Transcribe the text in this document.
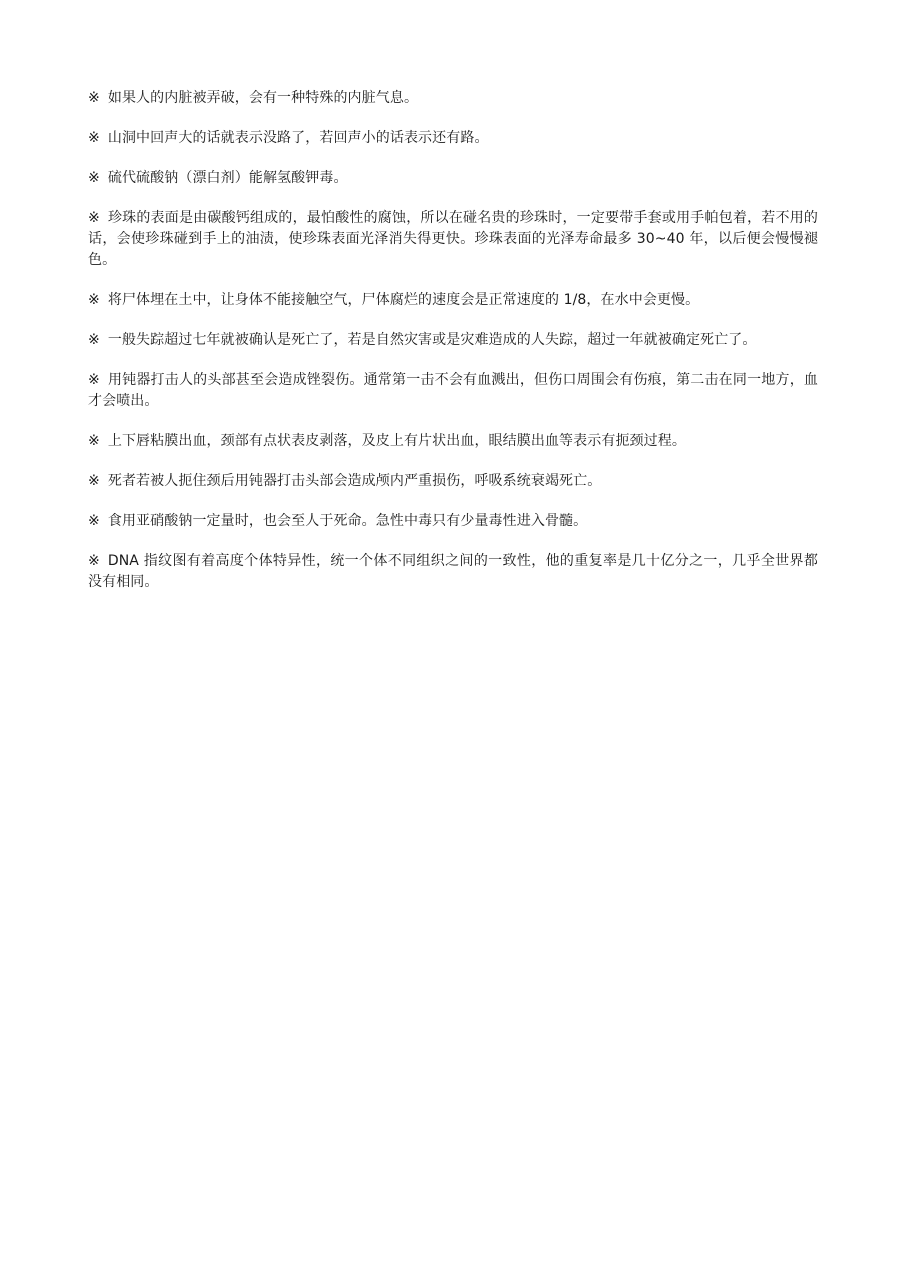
※ 如果人的内脏被弄破，会有一种特殊的内脏气息。

※ 山洞中回声大的话就表示没路了，若回声小的话表示还有路。

※ 硫代硫酸钠（漂白剂）能解氢酸钾毒。

※ 珍珠的表面是由碳酸钙组成的，最怕酸性的腐蚀，所以在碰名贵的珍珠时，一定要带手套或用手帕包着，若不用的话，会使珍珠碰到手上的油渍，使珍珠表面光泽消失得更快。珍珠表面的光泽寿命最多 30~40 年，以后便会慢慢褪色。

※ 将尸体埋在土中，让身体不能接触空气，尸体腐烂的速度会是正常速度的 1/8，在水中会更慢。

※ 一般失踪超过七年就被确认是死亡了，若是自然灾害或是灾难造成的人失踪，超过一年就被确定死亡了。

※ 用钝器打击人的头部甚至会造成锉裂伤。通常第一击不会有血溅出，但伤口周围会有伤痕，第二击在同一地方，血才会喷出。

※ 上下唇粘膜出血，颈部有点状表皮剥落，及皮上有片状出血，眼结膜出血等表示有扼颈过程。

※ 死者若被人扼住颈后用钝器打击头部会造成颅内严重损伤，呼吸系统衰竭死亡。

※ 食用亚硝酸钠一定量时，也会至人于死命。急性中毒只有少量毒性进入骨髓。

※ DNA 指纹图有着高度个体特异性，统一个体不同组织之间的一致性，他的重复率是几十亿分之一，几乎全世界都没有相同。
